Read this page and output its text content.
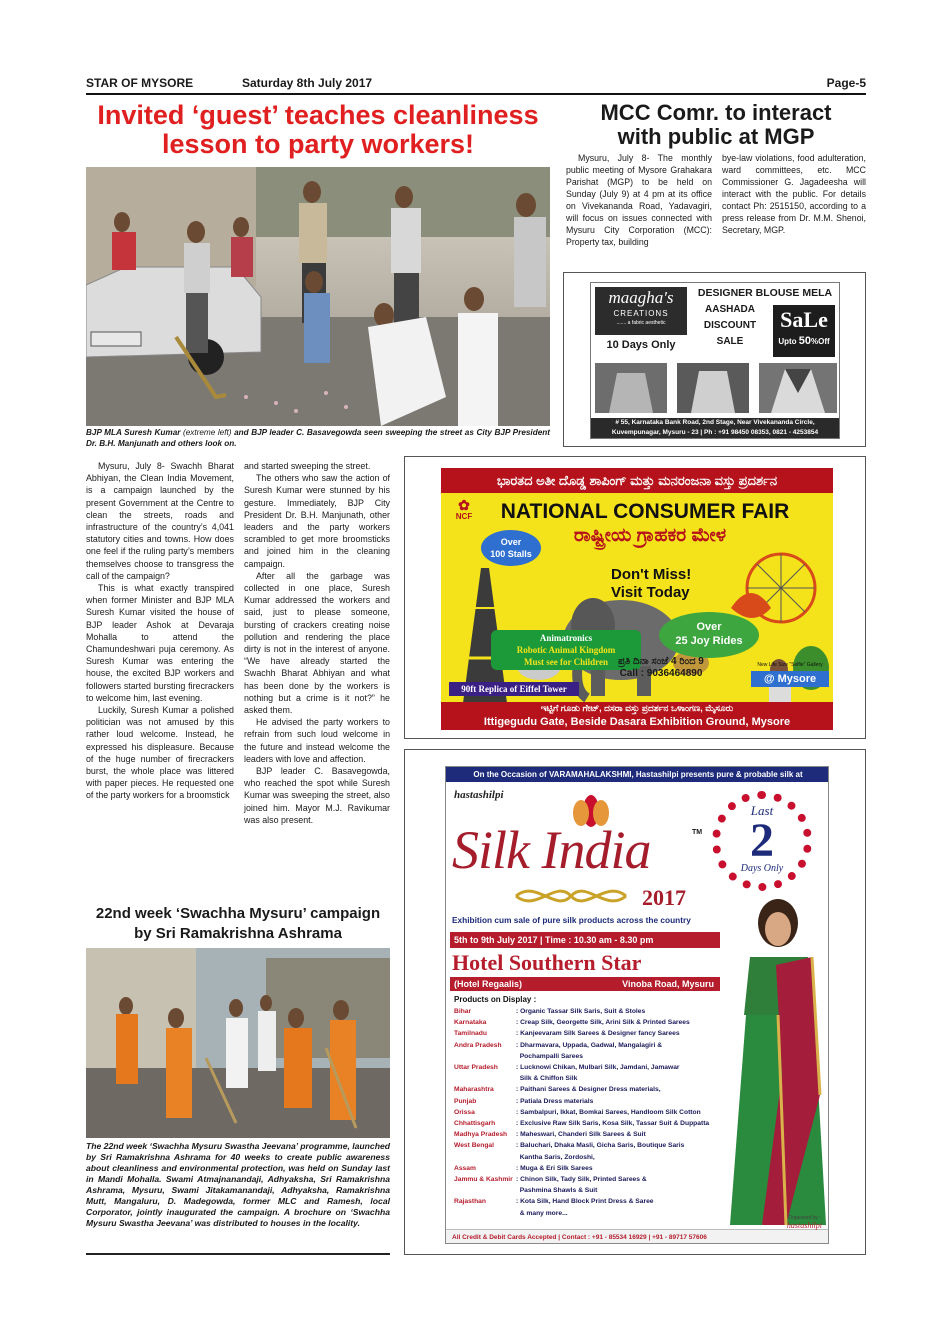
STAR OF MYSORE	Saturday 8th July 2017	Page-5
Invited ‘guest’ teaches cleanliness
lesson to party workers!
BJP MLA Suresh Kumar (extreme left) and BJP leader C. Basavegowda seen sweeping the street as City BJP President Dr. B.H. Manjunath and others look on.

Mysuru, July 8- Swachh Bharat Abhiyan, the Clean India Movement, is a campaign launched by the present Government at the Centre to clean the streets, roads and infrastructure of the country’s 4,041 statutory cities and towns. How does one feel if the ruling party’s members themselves choose to transgress the call of the campaign?

This is what exactly transpired when former Minister and BJP MLA Suresh Kumar visited the house of BJP leader Ashok at Devaraja Mohalla to attend the Chamundeshwari puja ceremony. As Suresh Kumar was entering the house, the excited BJP workers and followers started bursting firecrackers to welcome him, last evening.

Luckily, Suresh Kumar a polished politician was not amused by this rather loud welcome. Instead, he expressed his displeasure. Because of the huge number of firecrackers burst, the whole place was littered with paper pieces. He requested one of the party workers for a broomstick

and started sweeping the street.

The others who saw the action of Suresh Kumar were stunned by his gesture. Immediately, BJP City President Dr. B.H. Manjunath, other leaders and the party workers scrambled to get more broomsticks and joined him in the cleaning campaign.

After all the garbage was collected in one place, Suresh Kumar addressed the workers and said, just to please someone, bursting of crackers creating noise pollution and rendering the place dirty is not in the interest of anyone. “We have already started the Swachh Bharat Abhiyan and what has been done by the workers is nothing but a crime is it not?” he asked them.

He advised the party workers to refrain from such loud welcome in the future and instead welcome the leaders with love and affection.

BJP leader C. Basavegowda, who reached the spot while Suresh Kumar was sweeping the street, also joined him. Mayor M.J. Ravikumar was also present.

22nd week ‘Swachha Mysuru’ campaign
by Sri Ramakrishna Ashrama
The 22nd week ‘Swachha Mysuru Swastha Jeevana’ programme, launched by Sri Ramakrishna Ashrama for 40 weeks to create public awareness about cleanliness and environmental protection, was held on Sunday last in Mandi Mohalla. Swami Atmajnanandaji, Adhyaksha, Sri Ramakrishna Ashrama, Mysuru, Swami Jitakamanandaji, Adhyaksha, Ramakrishna Mutt, Mangaluru, D. Madegowda, former MLC and Ramesh, local Corporator, jointly inaugurated the campaign. A brochure on ‘Swachha Mysuru Swastha Jeevana’ was distributed to houses in the locality.
MCC Comr. to interact
with public at MGP

Mysuru, July 8- The monthly public meeting of Mysore Grahakara Parishat (MGP) to be held on Sunday (July 9) at 4 pm at its office on Vivekananda Road, Yadavagiri, will focus on issues connected with Mysuru City Corporation (MCC): Property tax, building

bye-law violations, food adulteration, ward committees, etc. MCC Commissioner G. Jagadeesha will interact with the public. For details contact Ph: 2515150, according to a press release from Dr. M.M. Shenoi, Secretary, MGP.

maagha's
CREATIONS
....... a fabric aesthetic
10 Days Only
DESIGNER BLOUSE MELA
AASHADA
DISCOUNT
SALE
SaLe
Upto 50%Off
# 55, Karnataka Bank Road, 2nd Stage, Near Vivekananda Circle,
Kuvempunagar, Mysuru - 23 | Ph : +91 98450 08353, 0821 - 4253854
ಭಾರತದ ಅತೀ ದೊಡ್ಡ ಶಾಪಿಂಗ್ ಮತ್ತು ಮನರಂಜನಾ ವಸ್ತು ಪ್ರದರ್ಶನ
✿
NCF	NATIONAL CONSUMER FAIR
ರಾಷ್ಟ್ರೀಯ ಗ್ರಾಹಕರ ಮೇಳ
Over
100 Stalls
Don't Miss!
Visit Today
Animatronics
Robotic Animal Kingdom
Must see for Children
Over
25 Joy Rides
ಪ್ರತಿ ದಿನಾ ಸಂಜೆ 4 ರಿಂದ 9
Call : 9036464890
90ft Replica of Eiffel Tower
New Life Size "Selfie" Gallery
@ Mysore
ಇಟ್ಟಿಗೆ ಗೂಡು ಗೇಟ್, ದಸರಾ ವಸ್ತು ಪ್ರದರ್ಶನ ಒಳಾಂಗಣ, ಮೈಸೂರು
Ittigegudu Gate, Beside Dasara Exhibition Ground, Mysore
On the Occasion of VARAMAHALAKSHMI, Hastashilpi presents pure & probable silk at
hastashilpi
Silk India	TM
2017
Last
2
Days Only
Exhibition cum sale of pure silk products across the country
5th to 9th July 2017 | Time : 10.30 am - 8.30 pm
Hotel Southern Star
(Hotel Regaalis)	Vinoba Road, Mysuru
Products on Display :
Bihar	: Organic Tassar Silk Saris, Suit & Stoles
Karnataka	: Creap Silk, Georgette Silk, Arini Silk & Printed Sarees
Tamilnadu	: Kanjeevaram Silk Sarees & Designer fancy Sarees
Andra Pradesh	: Dharmavara, Uppada, Gadwal, Mangalagiri &
Pochampalli Sarees
Uttar Pradesh	: Lucknowi Chikan, Mulbari Silk, Jamdani, Jamawar
Silk & Chiffon Silk
Maharashtra	: Paithani Sarees & Designer Dress materials,
Punjab	: Patiala Dress materials
Orissa	: Sambalpuri, Ikkat, Bomkai Sarees, Handloom Silk Cotton
Chhattisgarh	: Exclusive Raw Silk Saris, Kosa Silk, Tassar Suit & Duppatta
Madhya Pradesh	: Maheswari, Chanderi Silk Sarees & Suit
West Bengal	: Baluchari, Dhaka Masli, Gicha Saris, Boutique Saris
Kantha Saris, Zordoshi,
Assam	: Muga & Eri Silk Sarees
Jammu & Kashmir : Chinon Silk, Tady Silk, Printed Sarees &
Pashmina Shawls & Suit
Rajasthan	: Kota Silk, Hand Block Print Dress & Saree
& many more...
All Credit & Debit Cards Accepted | Contact : +91 - 85534 16929 | +91 - 89717 57606
Organised by :
hastashilpi
